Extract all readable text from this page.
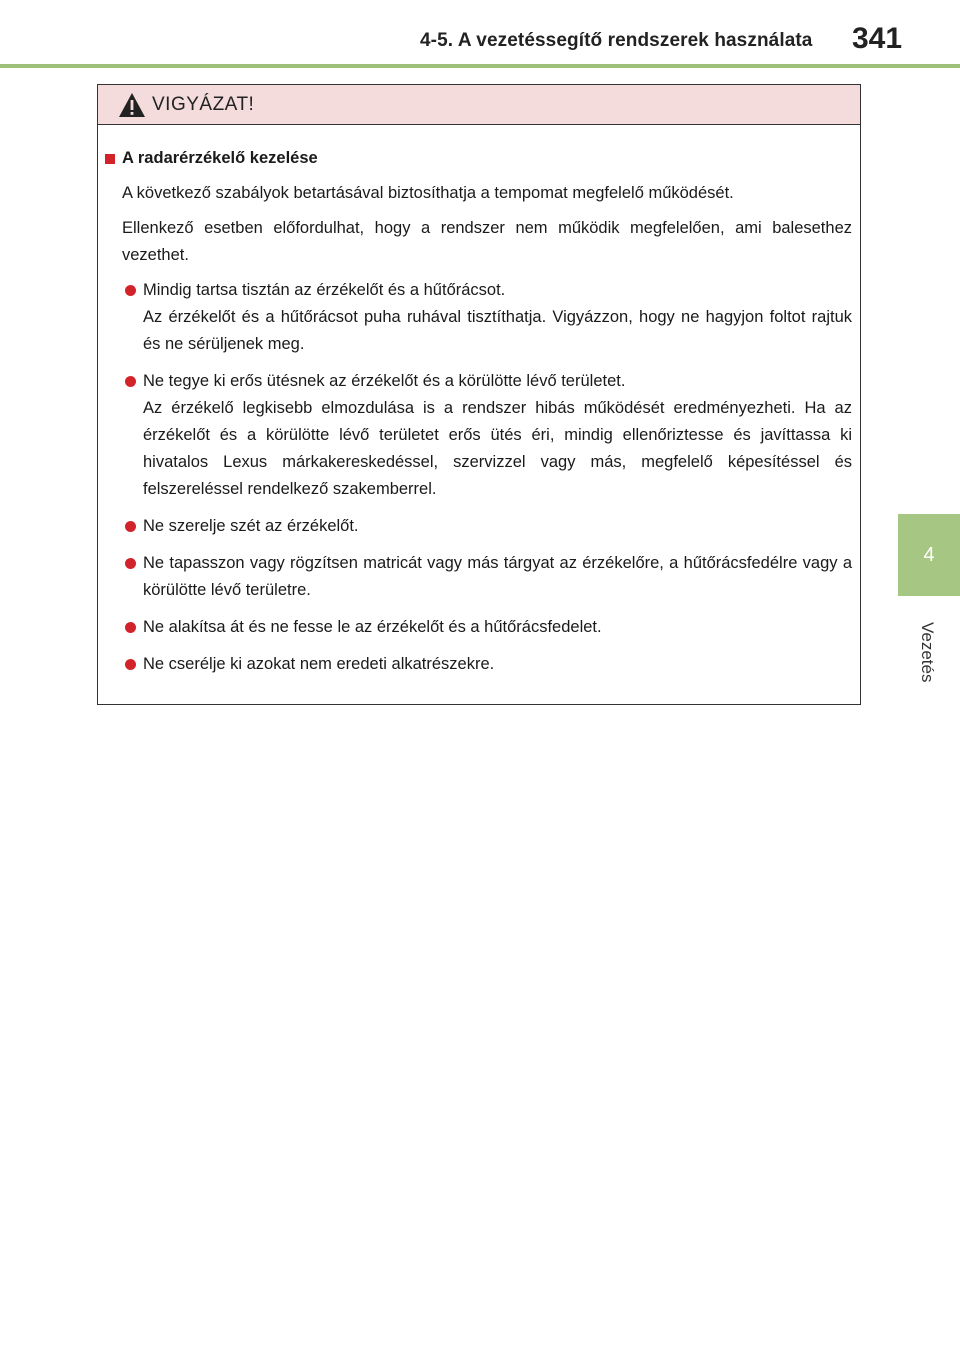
4-5. A vezetéssegítő rendszerek használata 341
4
Vezetés
VIGYÁZAT!
A radarérzékelő kezelése

A következő szabályok betartásával biztosíthatja a tempomat megfelelő működését.

Ellenkező esetben előfordulhat, hogy a rendszer nem működik megfelelően, ami balesethez vezethet.

Mindig tartsa tisztán az érzékelőt és a hűtőrácsot.
Az érzékelőt és a hűtőrácsot puha ruhával tisztíthatja. Vigyázzon, hogy ne hagyjon foltot rajtuk és ne sérüljenek meg.
Ne tegye ki erős ütésnek az érzékelőt és a körülötte lévő területet.
Az érzékelő legkisebb elmozdulása is a rendszer hibás működését eredményezheti. Ha az érzékelőt és a körülötte lévő területet erős ütés éri, mindig ellenőriztesse és javíttassa ki hivatalos Lexus márkakereskedéssel, szervizzel vagy más, megfelelő képesítéssel és felszereléssel rendelkező szakemberrel.
Ne szerelje szét az érzékelőt.
Ne tapasszon vagy rögzítsen matricát vagy más tárgyat az érzékelőre, a hűtőrácsfedélre vagy a körülötte lévő területre.
Ne alakítsa át és ne fesse le az érzékelőt és a hűtőrácsfedelet.
Ne cserélje ki azokat nem eredeti alkatrészekre.
